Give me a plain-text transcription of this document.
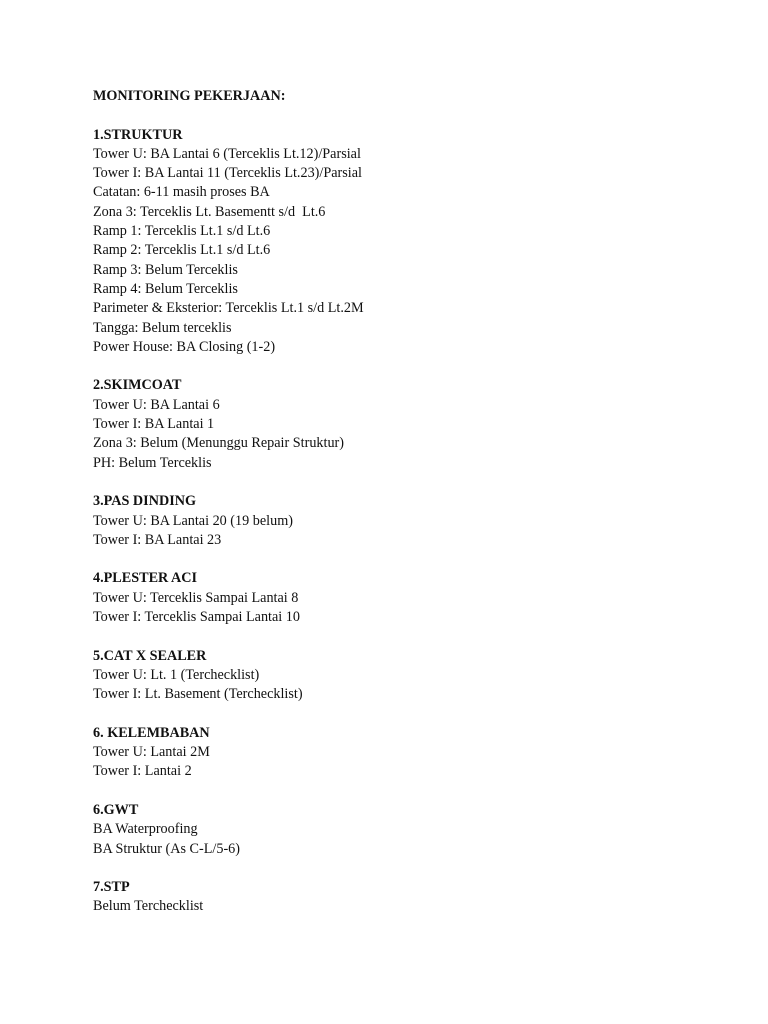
MONITORING PEKERJAAN:

1.STRUKTUR

Tower U: BA Lantai 6 (Terceklis Lt.12)/Parsial

Tower I: BA Lantai 11 (Terceklis Lt.23)/Parsial

Catatan: 6-11 masih proses BA

Zona 3: Terceklis Lt. Basementt s/d  Lt.6

Ramp 1: Terceklis Lt.1 s/d Lt.6

Ramp 2: Terceklis Lt.1 s/d Lt.6

Ramp 3: Belum Terceklis

Ramp 4: Belum Terceklis

Parimeter & Eksterior: Terceklis Lt.1 s/d Lt.2M

Tangga: Belum terceklis

Power House: BA Closing (1-2)

2.SKIMCOAT

Tower U: BA Lantai 6

Tower I: BA Lantai 1

Zona 3: Belum (Menunggu Repair Struktur)

PH: Belum Terceklis

3.PAS DINDING

Tower U: BA Lantai 20 (19 belum)

Tower I: BA Lantai 23

4.PLESTER ACI

Tower U: Terceklis Sampai Lantai 8

Tower I: Terceklis Sampai Lantai 10

5.CAT X SEALER

Tower U: Lt. 1 (Terchecklist)

Tower I: Lt. Basement (Terchecklist)

6. KELEMBABAN

Tower U: Lantai 2M

Tower I: Lantai 2

6.GWT

BA Waterproofing

BA Struktur (As C-L/5-6)

7.STP

Belum Terchecklist
